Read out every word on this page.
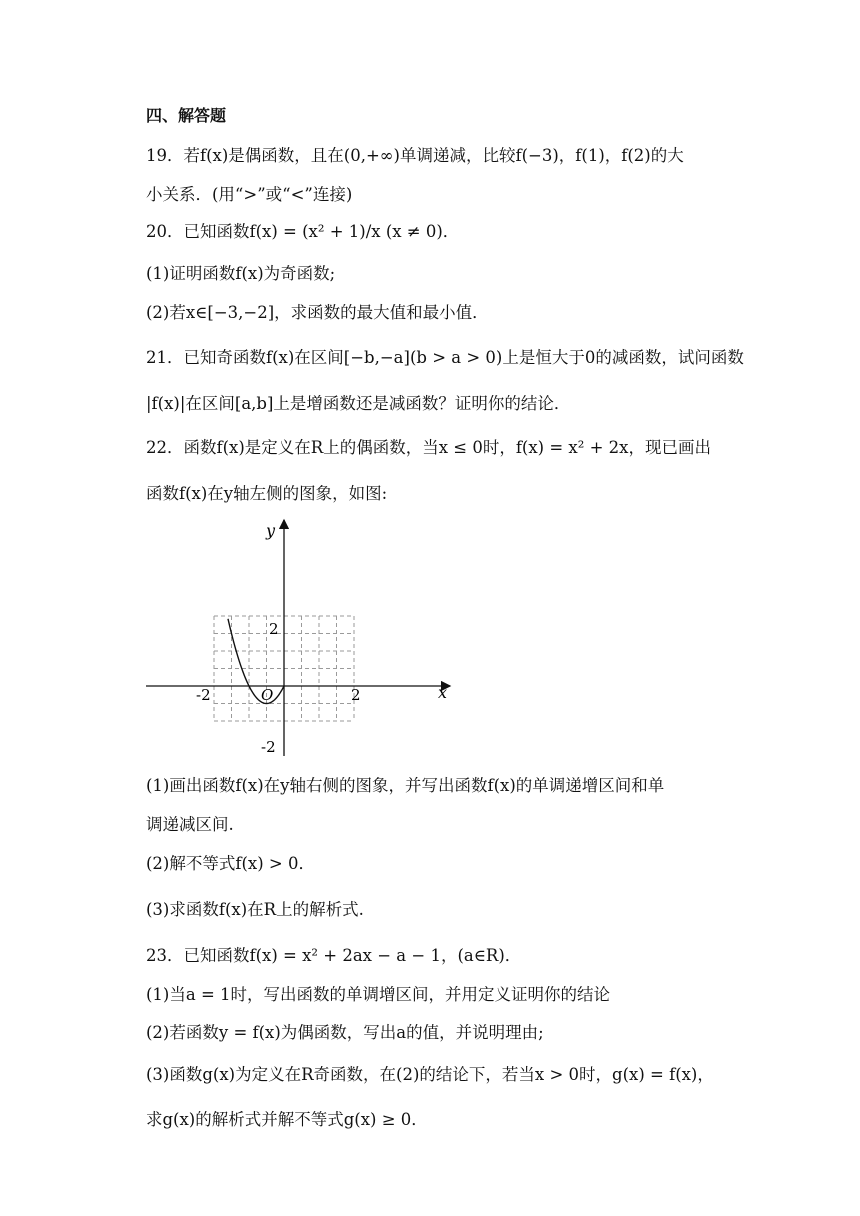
四、解答题
19．若f(x)是偶函数，且在(0,+∞)单调递减，比较f(−3)，f(1)，f(2)的大
小关系．(用“>”或“<”连接)
20．已知函数f(x) = (x² + 1)/x (x ≠ 0)．
(1)证明函数f(x)为奇函数;
(2)若x∈[−3,−2]，求函数的最大值和最小值．
21．已知奇函数f(x)在区间[−b,−a](b > a > 0)上是恒大于0的减函数，试问函数
|f(x)|在区间[a,b]上是增函数还是减函数？证明你的结论．
22．函数f(x)是定义在R上的偶函数，当x ≤ 0时，f(x) = x² + 2x，现已画出
函数f(x)在y轴左侧的图象，如图:
y
x
O
-2	2
2
-2
(1)画出函数f(x)在y轴右侧的图象，并写出函数f(x)的单调递增区间和单
调递减区间.
(2)解不等式f(x) > 0．
(3)求函数f(x)在R上的解析式.
23．已知函数f(x) = x² + 2ax − a − 1，(a∈R)．
(1)当a = 1时，写出函数的单调增区间，并用定义证明你的结论
(2)若函数y = f(x)为偶函数，写出a的值，并说明理由;
(3)函数g(x)为定义在R奇函数，在(2)的结论下，若当x > 0时，g(x) = f(x)，
求g(x)的解析式并解不等式g(x) ≥ 0．
